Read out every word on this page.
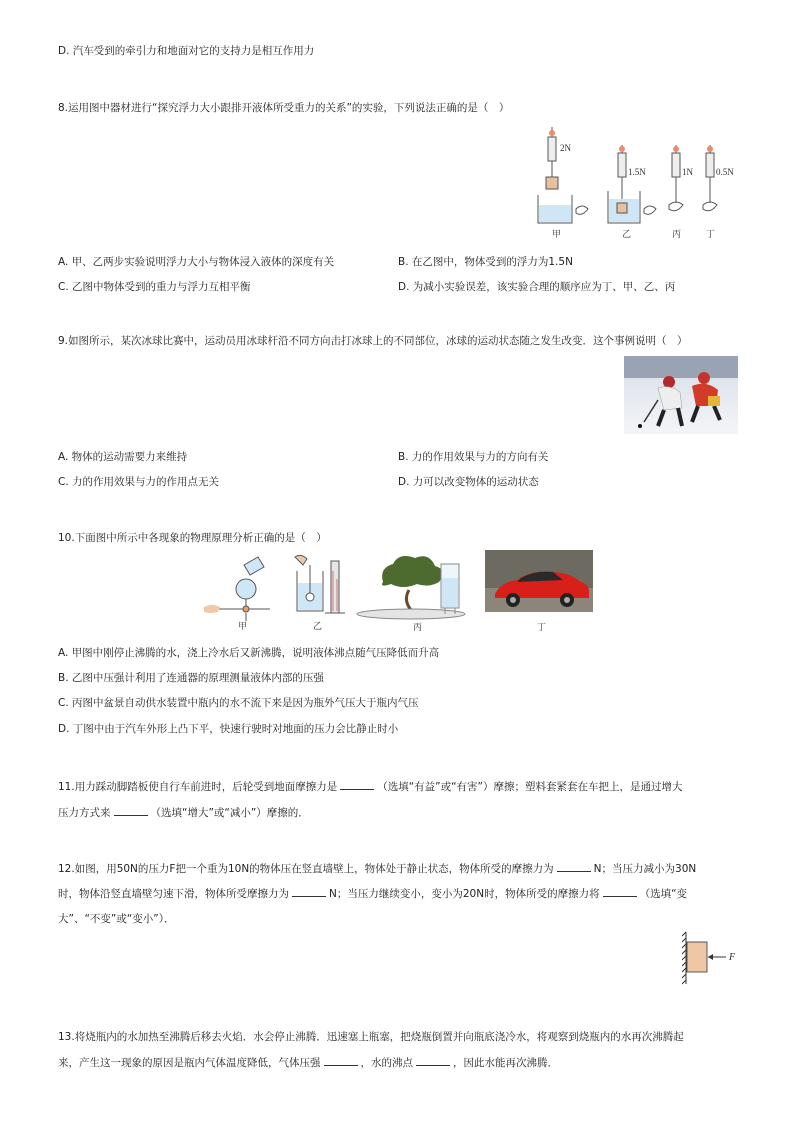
D. 汽车受到的牵引力和地面对它的支持力是相互作用力
8.运用图中器材进行“探究浮力大小跟排开液体所受重力的关系”的实验，下列说法正确的是（　）
2N
1.5N	1N	0.5N
甲	乙	丙	丁
A. 甲、乙两步实验说明浮力大小与物体浸入液体的深度有关	B. 在乙图中，物体受到的浮力为1.5N
C. 乙图中物体受到的重力与浮力互相平衡	D. 为减小实验误差，该实验合理的顺序应为丁、甲、乙、丙
9.如图所示，某次冰球比赛中，运动员用冰球杆沿不同方向击打冰球上的不同部位，冰球的运动状态随之发生改变．这个事例说明（　）
A. 物体的运动需要力来维持	B. 力的作用效果与力的方向有关
C. 力的作用效果与力的作用点无关	D. 力可以改变物体的运动状态
10.下面图中所示中各现象的物理原理分析正确的是（　）
甲	乙	丙	丁
A. 甲图中刚停止沸腾的水，浇上冷水后又新沸腾，说明液体沸点随气压降低而升高
B. 乙图中压强计利用了连通器的原理测量液体内部的压强
C. 丙图中盆景自动供水装置中瓶内的水不流下来是因为瓶外气压大于瓶内气压
D. 丁图中由于汽车外形上凸下平，快速行驶时对地面的压力会比静止时小
11.用力踩动脚踏板使自行车前进时，后轮受到地面摩擦力是	（选填“有益”或“有害”）摩擦；塑料套紧套在车把上，是通过增大
压力方式来	（选填“增大”或“减小”）摩擦的．
12.如图，用50N的压力F把一个重为10N的物体压在竖直墙壁上，物体处于静止状态，物体所受的摩擦力为	N；当压力减小为30N
时，物体沿竖直墙壁匀速下滑，物体所受摩擦力为	N；当压力继续变小，变小为20N时，物体所受的摩擦力将	（选填“变
大”、“不变”或“变小”）．
F
13.将烧瓶内的水加热至沸腾后移去火焰．水会停止沸腾．迅速塞上瓶塞，把烧瓶倒置并向瓶底浇冷水，将观察到烧瓶内的水再次沸腾起
来，产生这一现象的原因是瓶内气体温度降低，气体压强	，水的沸点	，因此水能再次沸腾．
